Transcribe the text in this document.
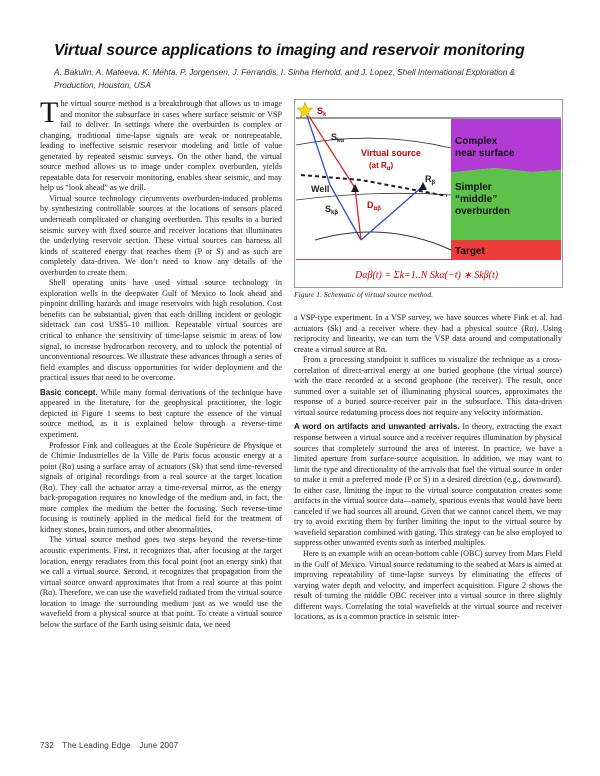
Virtual source applications to imaging and reservoir monitoring
A. Bakulin, A. Mateeva, K. Mehta, P. Jorgensen, J. Ferrandis, I. Sinha Herhold, and J. Lopez, Shell International Exploration & Production, Houston, USA

The virtual source method is a breakthrough that allows us to image and monitor the subsurface in cases where surface seismic or VSP fail to deliver. In settings where the overburden is complex or changing, traditional time-lapse signals are weak or nonrepeatable, leading to ineffective seismic reservoir modeling and little of value generated by repeated seismic surveys. On the other hand, the virtual source method allows us to image under complex overburden, yields repeatable data for reservoir monitoring, enables shear seismic, and may help us “look ahead” as we drill.

Virtual source technology circumvents overburden-induced problems by synthesizing controllable sources at the locations of sensors placed underneath complicated or changing overburden. This results in a buried seismic survey with fixed source and receiver locations that illuminates the underlying reservoir section. These virtual sources can harness all kinds of scattered energy that reaches them (P or S) and as such are completely data-driven. We don’t need to know any details of the overburden to create them.

Shell operating units have used virtual source technology in exploration wells in the deepwater Gulf of Mexico to look ahead and pinpoint drilling hazards and image reservoirs with high resolution. Cost benefits can be substantial, given that each drilling incident or geologic sidetrack can cost US$5–10 million. Repeatable virtual sources are critical to enhance the sensitivity of time-lapse seismic in areas of low signal, to increase hydrocarbon recovery, and to unlock the potential of unconventional resources. We illustrate these advances through a series of field examples and discuss opportunities for wider deployment and the practical issues that need to be overcome.

Basic concept. While many formal derivations of the technique have appeared in the literature, for the geophysical practitioner, the logic depicted in Figure 1 seems to best capture the essence of the virtual source method, as it is explained below through a reverse-time experiment.

Professor Fink and colleagues at the École Supérieure de Physique et de Chimie Industrielles de la Ville de Paris focus acoustic energy at a point (Rα) using a surface array of actuators (Sk) that send time-reversed signals of original recordings from a real source at the target location (Rα). They call the actuator array a time-reversal mirror, as the energy back-propagation requires no knowledge of the medium and, in fact, the more complex the medium the better the focusing. Such reverse-time focusing is routinely applied in the medical field for the treatment of kidney stones, brain tumors, and other abnormalities.

The virtual source method goes two steps beyond the reverse-time acoustic experiments. First, it recognizes that, after focusing at the target location, energy reradiates from this focal point (not an energy sink) that we call a virtual source. Second, it recognizes that propagation from the virtual source onward approximates that from a real source at this point (Rα). Therefore, we can use the wavefield radiated from the virtual source location to image the surrounding medium just as we would use the wavefield from a physical source at that point. To create a virtual source below the surface of the Earth using seismic data, we need

$S_k$
$S_{k\alpha}$
Virtual source
(at $R_\alpha$)
Well
$R_\beta$
$S_{k\beta}$
$D_{\alpha\beta}$
Complex
near surface
Simpler
“middle”
overburden
Target
Dαβ(t) = Σk=1..N Skα(−t) ∗ Skβ(t)
Figure 1. Schematic of virtual source method.

a VSP-type experiment. In a VSP survey, we have sources where Fink et al. had actuators (Sk) and a receiver where they had a physical source (Rα). Using reciprocity and linearity, we can turn the VSP data around and computationally create a virtual source at Rα.

From a processing standpoint it suffices to visualize the technique as a cross-correlation of direct-arrival energy at one buried geophone (the virtual source) with the trace recorded at a second geophone (the receiver). The result, once summed over a suitable set of illuminating physical sources, approximates the response of a buried source-receiver pair in the subsurface. This data-driven virtual source redatuming process does not require any velocity information.

A word on artifacts and unwanted arrivals. In theory, extracting the exact response between a virtual source and a receiver requires illumination by physical sources that completely surround the area of interest. In practice, we have a limited aperture from surface-source acquisition. In addition, we may want to limit the type and directionality of the arrivals that fuel the virtual source in order to make it emit a preferred mode (P or S) in a desired direction (e.g., downward). In either case, limiting the input to the virtual source computation creates some artifacts in the virtual source data—namely, spurious events that would have been canceled if we had sources all around. Given that we cannot cancel them, we may try to avoid exciting them by further limiting the input to the virtual source by wavefield separation combined with gating. This strategy can be also employed to suppress other unwanted events such as interbed multiples.

Here is an example with an ocean-bottom cable (OBC) survey from Mars Field in the Gulf of Mexico. Virtual source redatuming to the seabed at Mars is aimed at improving repeatability of time-lapse surveys by eliminating the effects of varying water depth and velocity, and imperfect acquisition. Figure 2 shows the result of turning the middle OBC receiver into a virtual source in three slightly different ways. Correlating the total wavefields at the virtual source and receiver locations, as is a common practice in seismic inter-

732 The Leading Edge June 2007
